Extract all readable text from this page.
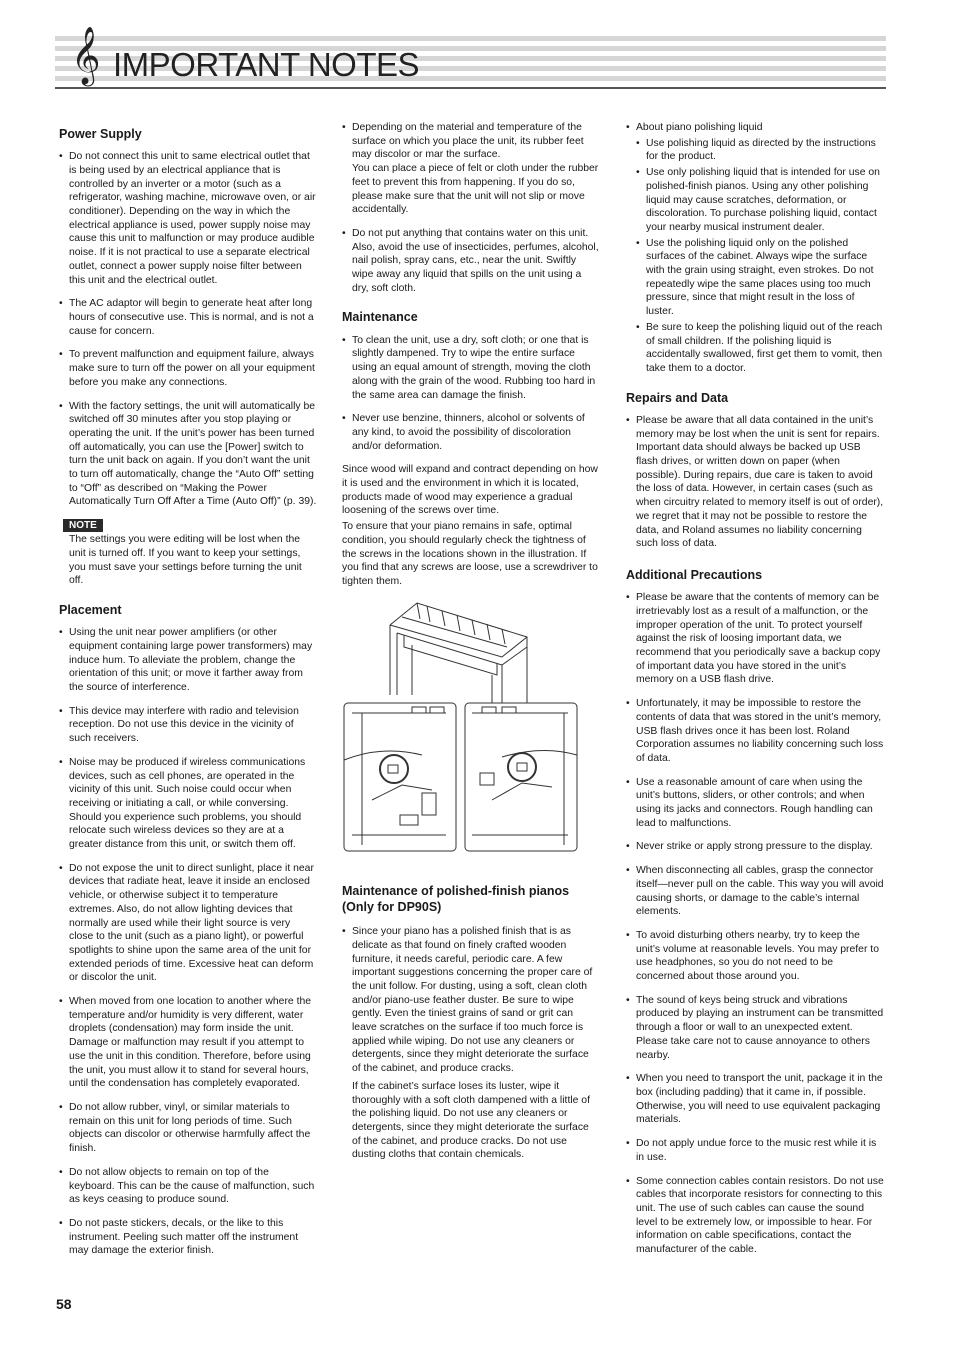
𝄞 IMPORTANT NOTES
Power Supply
• Do not connect this unit to same electrical outlet that is being used by an electrical appliance that is controlled by an inverter or a motor (such as a refrigerator, washing machine, microwave oven, or air conditioner). Depending on the way in which the electrical appliance is used, power supply noise may cause this unit to malfunction or may produce audible noise. If it is not practical to use a separate electrical outlet, connect a power supply noise filter between this unit and the electrical outlet.
• The AC adaptor will begin to generate heat after long hours of consecutive use. This is normal, and is not a cause for concern.
• To prevent malfunction and equipment failure, always make sure to turn off the power on all your equipment before you make any connections.
• With the factory settings, the unit will automatically be switched off 30 minutes after you stop playing or operating the unit. If the unit’s power has been turned off automatically, you can use the [Power] switch to turn the unit back on again. If you don’t want the unit to turn off automatically, change the “Auto Off” setting to “Off” as described on “Making the Power Automatically Turn Off After a Time (Auto Off)” (p. 39).
NOTE

The settings you were editing will be lost when the unit is turned off. If you want to keep your settings, you must save your settings before turning the unit off.

Placement
• Using the unit near power amplifiers (or other equipment containing large power transformers) may induce hum. To alleviate the problem, change the orientation of this unit; or move it farther away from the source of interference.
• This device may interfere with radio and television reception. Do not use this device in the vicinity of such receivers.
• Noise may be produced if wireless communications devices, such as cell phones, are operated in the vicinity of this unit. Such noise could occur when receiving or initiating a call, or while conversing. Should you experience such problems, you should relocate such wireless devices so they are at a greater distance from this unit, or switch them off.
• Do not expose the unit to direct sunlight, place it near devices that radiate heat, leave it inside an enclosed vehicle, or otherwise subject it to temperature extremes. Also, do not allow lighting devices that normally are used while their light source is very close to the unit (such as a piano light), or powerful spotlights to shine upon the same area of the unit for extended periods of time. Excessive heat can deform or discolor the unit.
• When moved from one location to another where the temperature and/or humidity is very different, water droplets (condensation) may form inside the unit. Damage or malfunction may result if you attempt to use the unit in this condition. Therefore, before using the unit, you must allow it to stand for several hours, until the condensation has completely evaporated.
• Do not allow rubber, vinyl, or similar materials to remain on this unit for long periods of time. Such objects can discolor or otherwise harmfully affect the finish.
• Do not allow objects to remain on top of the keyboard. This can be the cause of malfunction, such as keys ceasing to produce sound.
• Do not paste stickers, decals, or the like to this instrument. Peeling such matter off the instrument may damage the exterior finish.
• Depending on the material and temperature of the surface on which you place the unit, its rubber feet may discolor or mar the surface.
You can place a piece of felt or cloth under the rubber feet to prevent this from happening. If you do so, please make sure that the unit will not slip or move accidentally.
• Do not put anything that contains water on this unit. Also, avoid the use of insecticides, perfumes, alcohol, nail polish, spray cans, etc., near the unit. Swiftly wipe away any liquid that spills on the unit using a dry, soft cloth.
Maintenance
• To clean the unit, use a dry, soft cloth; or one that is slightly dampened. Try to wipe the entire surface using an equal amount of strength, moving the cloth along with the grain of the wood. Rubbing too hard in the same area can damage the finish.
• Never use benzine, thinners, alcohol or solvents of any kind, to avoid the possibility of discoloration and/or deformation.

Since wood will expand and contract depending on how it is used and the environment in which it is located, products made of wood may experience a gradual loosening of the screws over time.

To ensure that your piano remains in safe, optimal condition, you should regularly check the tightness of the screws in the locations shown in the illustration. If you find that any screws are loose, use a screwdriver to tighten them.

Maintenance of polished-finish pianos
(Only for DP90S)
• Since your piano has a polished finish that is as delicate as that found on finely crafted wooden furniture, it needs careful, periodic care. A few important suggestions concerning the proper care of the unit follow. For dusting, using a soft, clean cloth and/or piano-use feather duster. Be sure to wipe gently. Even the tiniest grains of sand or grit can leave scratches on the surface if too much force is applied while wiping. Do not use any cleaners or detergents, since they might deteriorate the surface of the cabinet, and produce cracks.

If the cabinet’s surface loses its luster, wipe it thoroughly with a soft cloth dampened with a little of the polishing liquid. Do not use any cleaners or detergents, since they might deteriorate the surface of the cabinet, and produce cracks. Do not use dusting cloths that contain chemicals.

• About piano polishing liquid
• Use polishing liquid as directed by the instructions for the product.
• Use only polishing liquid that is intended for use on polished-finish pianos. Using any other polishing liquid may cause scratches, deformation, or discoloration. To purchase polishing liquid, contact your nearby musical instrument dealer.
• Use the polishing liquid only on the polished surfaces of the cabinet. Always wipe the surface with the grain using straight, even strokes. Do not repeatedly wipe the same places using too much pressure, since that might result in the loss of luster.
• Be sure to keep the polishing liquid out of the reach of small children. If the polishing liquid is accidentally swallowed, first get them to vomit, then take them to a doctor.
Repairs and Data
• Please be aware that all data contained in the unit’s memory may be lost when the unit is sent for repairs. Important data should always be backed up USB flash drives, or written down on paper (when possible). During repairs, due care is taken to avoid the loss of data. However, in certain cases (such as when circuitry related to memory itself is out of order), we regret that it may not be possible to restore the data, and Roland assumes no liability concerning such loss of data.
Additional Precautions
• Please be aware that the contents of memory can be irretrievably lost as a result of a malfunction, or the improper operation of the unit. To protect yourself against the risk of loosing important data, we recommend that you periodically save a backup copy of important data you have stored in the unit’s memory on a USB flash drive.
• Unfortunately, it may be impossible to restore the contents of data that was stored in the unit’s memory, USB flash drives once it has been lost. Roland Corporation assumes no liability concerning such loss of data.
• Use a reasonable amount of care when using the unit’s buttons, sliders, or other controls; and when using its jacks and connectors. Rough handling can lead to malfunctions.
• Never strike or apply strong pressure to the display.
• When disconnecting all cables, grasp the connector itself—never pull on the cable. This way you will avoid causing shorts, or damage to the cable’s internal elements.
• To avoid disturbing others nearby, try to keep the unit’s volume at reasonable levels. You may prefer to use headphones, so you do not need to be concerned about those around you.
• The sound of keys being struck and vibrations produced by playing an instrument can be transmitted through a floor or wall to an unexpected extent. Please take care not to cause annoyance to others nearby.
• When you need to transport the unit, package it in the box (including padding) that it came in, if possible. Otherwise, you will need to use equivalent packaging materials.
• Do not apply undue force to the music rest while it is in use.
• Some connection cables contain resistors. Do not use cables that incorporate resistors for connecting to this unit. The use of such cables can cause the sound level to be extremely low, or impossible to hear. For information on cable specifications, contact the manufacturer of the cable.
58
